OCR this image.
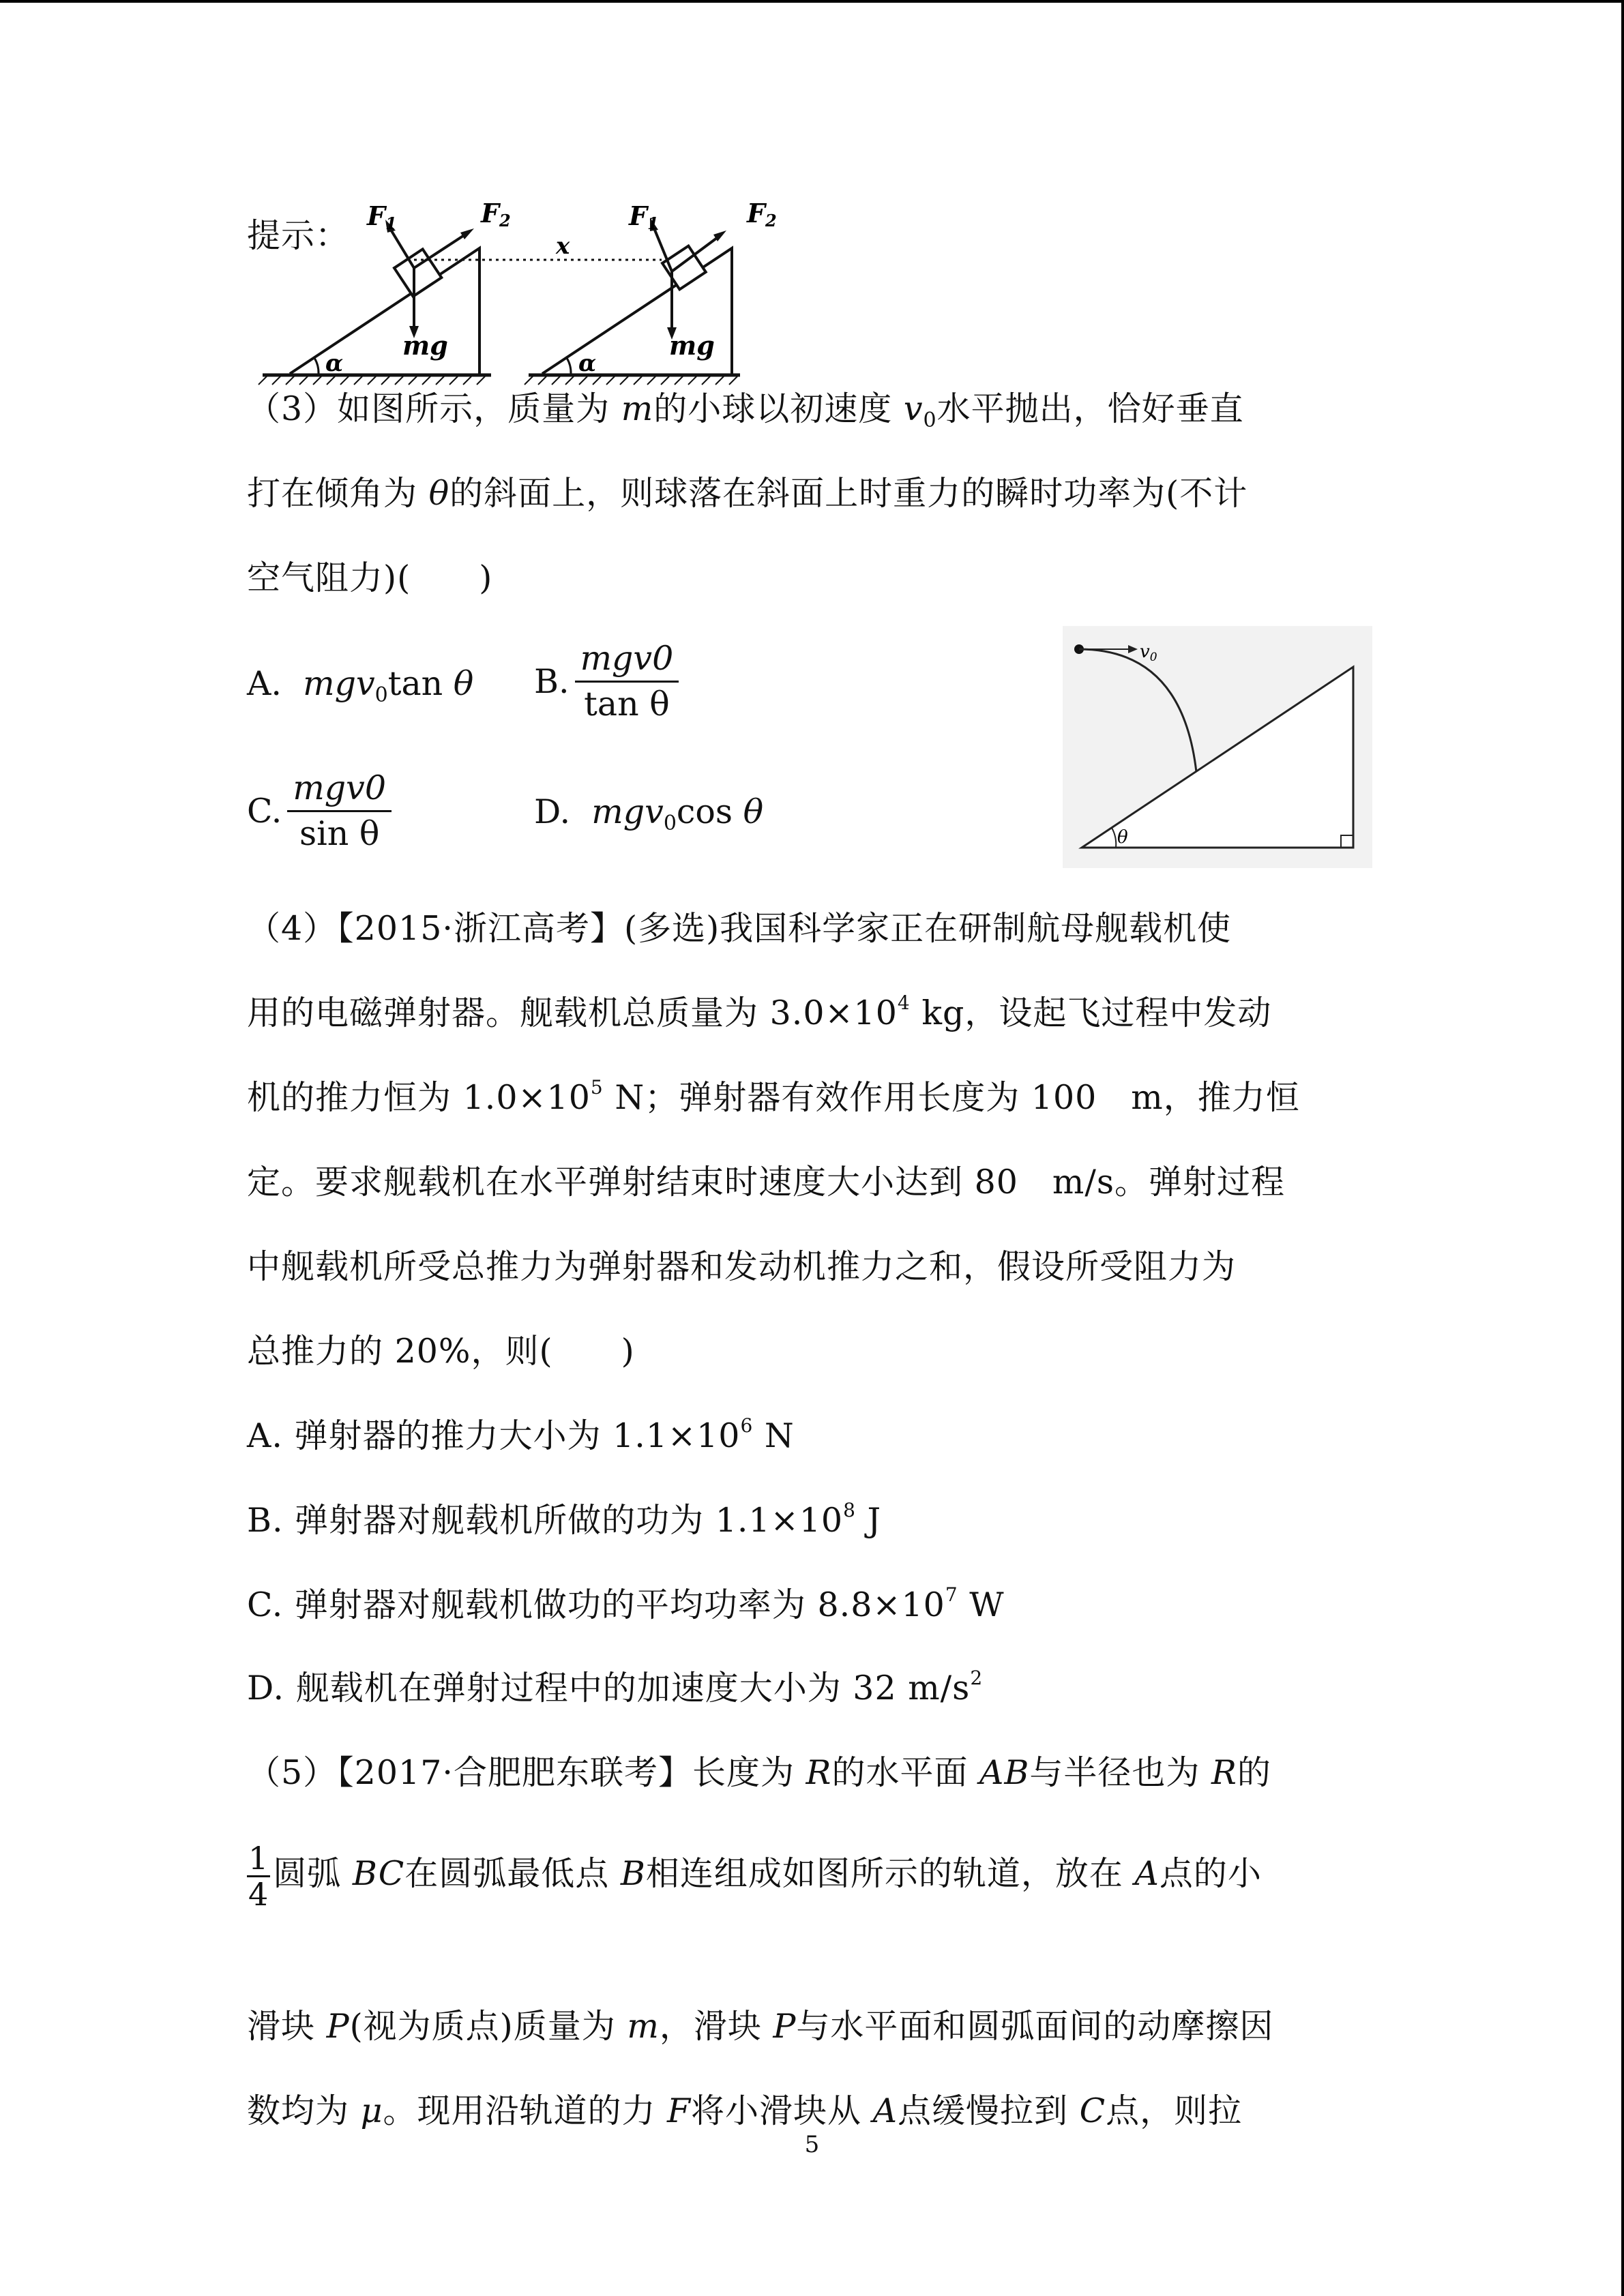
提示：
F1	F2
mg
α
x
F1	F2
mg
α
（3）如图所示，质量为 m的小球以初速度 $v_0$水平抛出，恰好垂直
打在倾角为 θ的斜面上，则球落在斜面上时重力的瞬时功率为(不计
空气阻力)(　　)
A. mgv$_0$tan θ B. $\frac{\text{mgv0}}{\text{tan θ}}$
C. $\frac{\text{mgv0}}{\text{sin θ}}$	D. mgv$_0$cos θ
v0
θ
（4）【2015·浙江高考】(多选)我国科学家正在研制航母舰载机使
用的电磁弹射器。舰载机总质量为 $3.0\times 10^4$ kg，设起飞过程中发动
机的推力恒为 $1.0\times 10^5$ N；弹射器有效作用长度为 100　m，推力恒
定。要求舰载机在水平弹射结束时速度大小达到 80　m/s。弹射过程
中舰载机所受总推力为弹射器和发动机推力之和，假设所受阻力为
总推力的 20%，则(　　)
A. 弹射器的推力大小为 $1.1\times 10^6$ N
B. 弹射器对舰载机所做的功为 $1.1\times 10^8$ J
C. 弹射器对舰载机做功的平均功率为 $8.8\times 10^7$ W
D. 舰载机在弹射过程中的加速度大小为 32 $m/s^2$
（5）【2017·合肥肥东联考】长度为 R的水平面 AB与半径也为 R的
$\frac{1}{4}$ 圆弧 BC在圆弧最低点 B相连组成如图所示的轨道，放在 A点的小
滑块 P(视为质点)质量为 m，滑块 P与水平面和圆弧面间的动摩擦因
数均为 μ。现用沿轨道的力 F将小滑块从 A点缓慢拉到 C点，则拉
5
